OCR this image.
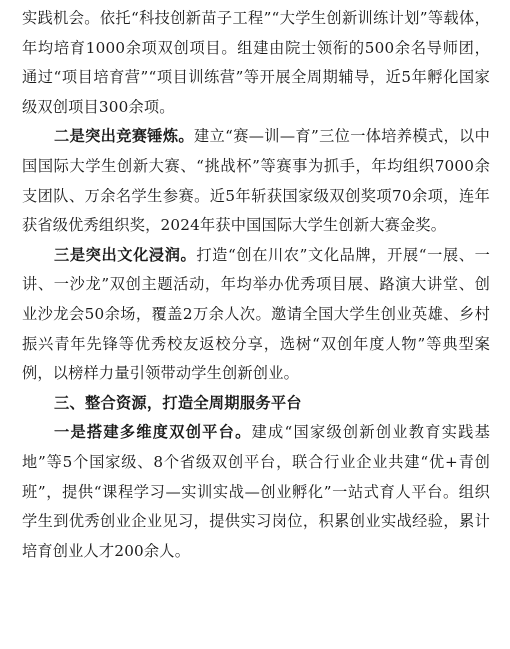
实践机会。依托“科技创新苗子工程”“大学生创新训练计划”等载体，年均培育1000余项双创项目。组建由院士领衔的500余名导师团，通过“项目培育营”“项目训练营”等开展全周期辅导，近5年孵化国家级双创项目300余项。

二是突出竞赛锤炼。建立“赛—训—育”三位一体培养模式，以中国国际大学生创新大赛、“挑战杯”等赛事为抓手，年均组织7000余支团队、万余名学生参赛。近5年斩获国家级双创奖项70余项，连年获省级优秀组织奖，2024年获中国国际大学生创新大赛金奖。

三是突出文化浸润。打造“创在川农”文化品牌，开展“一展、一讲、一沙龙”双创主题活动，年均举办优秀项目展、路演大讲堂、创业沙龙会50余场，覆盖2万余人次。邀请全国大学生创业英雄、乡村振兴青年先锋等优秀校友返校分享，选树“双创年度人物”等典型案例，以榜样力量引领带动学生创新创业。

三、整合资源，打造全周期服务平台

一是搭建多维度双创平台。建成“国家级创新创业教育实践基地”等5个国家级、8个省级双创平台，联合行业企业共建“优+青创班”，提供“课程学习—实训实战—创业孵化”一站式育人平台。组织学生到优秀创业企业见习，提供实习岗位，积累创业实战经验，累计培育创业人才200余人。
